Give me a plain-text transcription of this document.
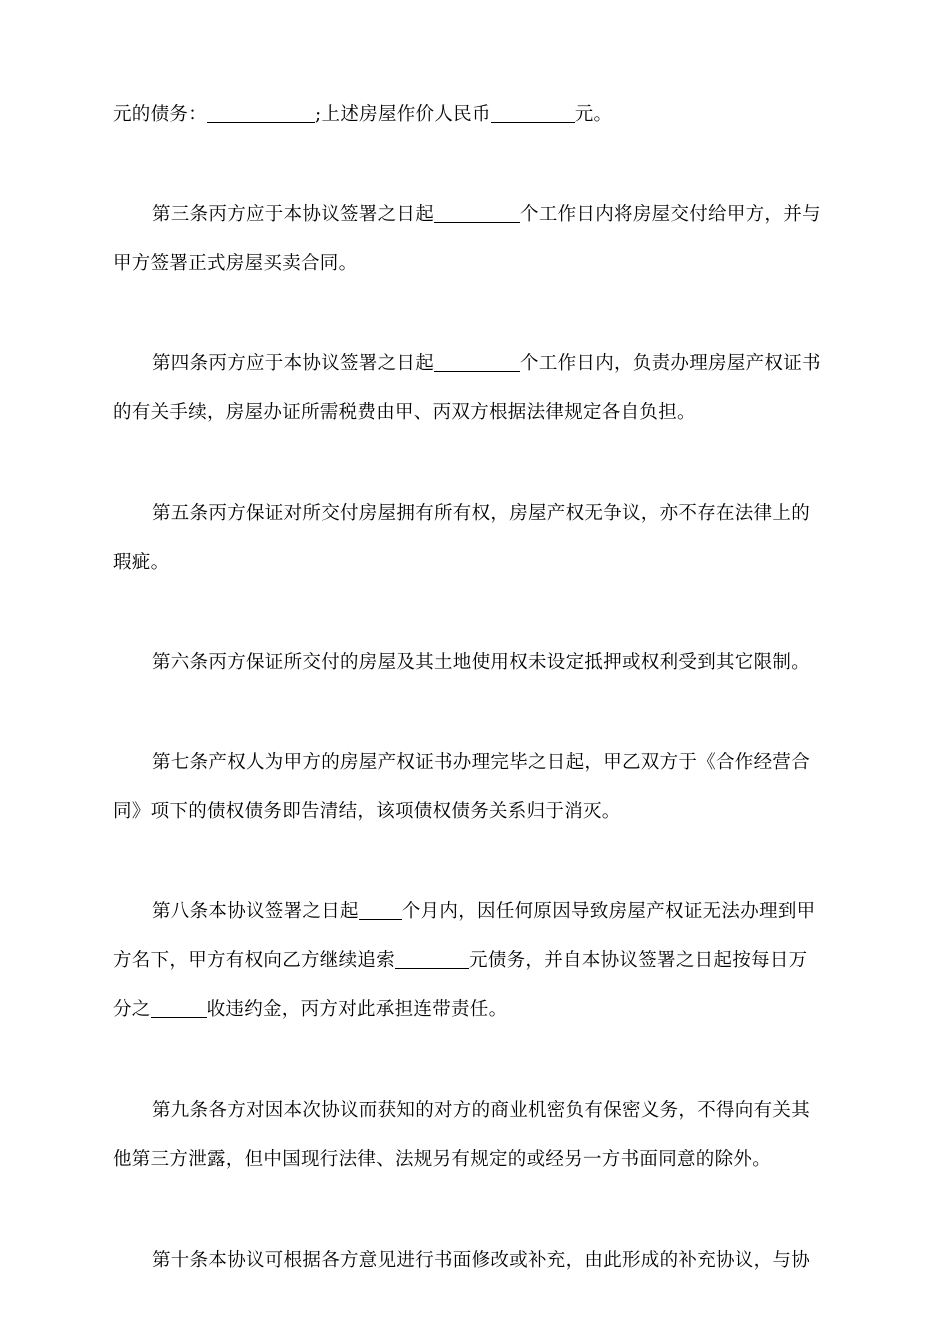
元的债务：	;上述房屋作价人民币	元。
第三条丙方应于本协议签署之日起	个工作日内将房屋交付给甲方，并与
甲方签署正式房屋买卖合同。
第四条丙方应于本协议签署之日起	个工作日内，负责办理房屋产权证书
的有关手续，房屋办证所需税费由甲、丙双方根据法律规定各自负担。
第五条丙方保证对所交付房屋拥有所有权，房屋产权无争议，亦不存在法律上的
瑕疵。
第六条丙方保证所交付的房屋及其土地使用权未设定抵押或权利受到其它限制。
第七条产权人为甲方的房屋产权证书办理完毕之日起，甲乙双方于《合作经营合
同》项下的债权债务即告清结，该项债权债务关系归于消灭。
第八条本协议签署之日起 个月内，因任何原因导致房屋产权证无法办理到甲
方名下，甲方有权向乙方继续追索	元债务，并自本协议签署之日起按每日万
分之	收违约金，丙方对此承担连带责任。
第九条各方对因本次协议而获知的对方的商业机密负有保密义务，不得向有关其
他第三方泄露，但中国现行法律、法规另有规定的或经另一方书面同意的除外。
第十条本协议可根据各方意见进行书面修改或补充，由此形成的补充协议，与协
